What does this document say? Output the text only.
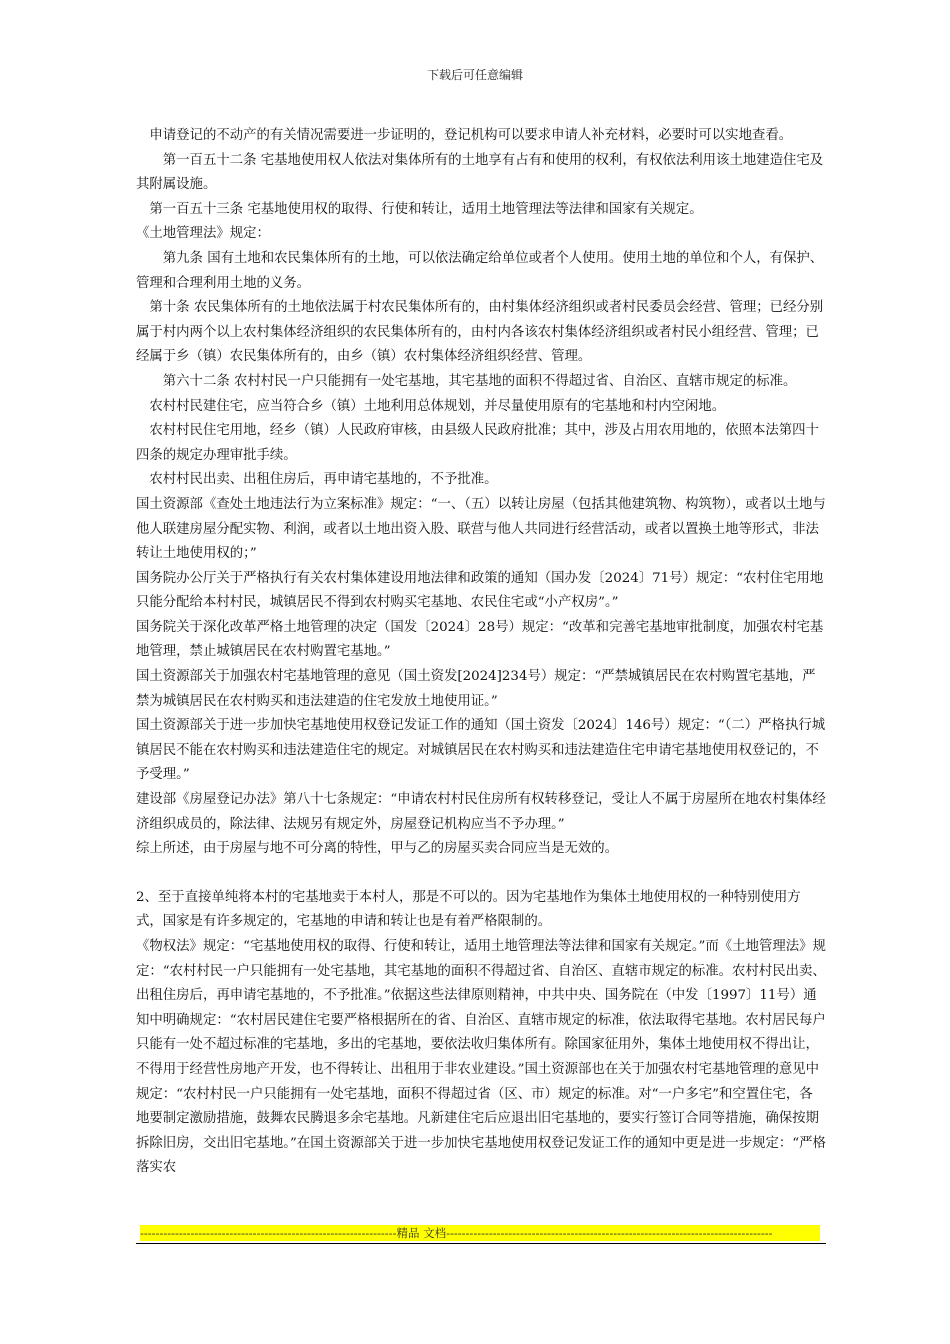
下载后可任意编辑

　申请登记的不动产的有关情况需要进一步证明的，登记机构可以要求申请人补充材料，必要时可以实地查看。

　　第一百五十二条 宅基地使用权人依法对集体所有的土地享有占有和使用的权利，有权依法利用该土地建造住宅及其附属设施。

　第一百五十三条 宅基地使用权的取得、行使和转让，适用土地管理法等法律和国家有关规定。

《土地管理法》规定：

　　第九条 国有土地和农民集体所有的土地，可以依法确定给单位或者个人使用。使用土地的单位和个人，有保护、管理和合理利用土地的义务。

　第十条 农民集体所有的土地依法属于村农民集体所有的，由村集体经济组织或者村民委员会经营、管理；已经分别属于村内两个以上农村集体经济组织的农民集体所有的，由村内各该农村集体经济组织或者村民小组经营、管理；已经属于乡（镇）农民集体所有的，由乡（镇）农村集体经济组织经营、管理。

　　第六十二条 农村村民一户只能拥有一处宅基地，其宅基地的面积不得超过省、自治区、直辖市规定的标准。

　农村村民建住宅，应当符合乡（镇）土地利用总体规划，并尽量使用原有的宅基地和村内空闲地。

　农村村民住宅用地，经乡（镇）人民政府审核，由县级人民政府批准；其中，涉及占用农用地的，依照本法第四十四条的规定办理审批手续。

　农村村民出卖、出租住房后，再申请宅基地的，不予批准。

国土资源部《查处土地违法行为立案标准》规定：“一、（五）以转让房屋（包括其他建筑物、构筑物），或者以土地与他人联建房屋分配实物、利润，或者以土地出资入股、联营与他人共同进行经营活动，或者以置换土地等形式，非法转让土地使用权的；”

国务院办公厅关于严格执行有关农村集体建设用地法律和政策的通知（国办发〔2024〕71号）规定：“农村住宅用地只能分配给本村村民，城镇居民不得到农村购买宅基地、农民住宅或“小产权房”。”

国务院关于深化改革严格土地管理的决定（国发〔2024〕28号）规定：“改革和完善宅基地审批制度，加强农村宅基地管理，禁止城镇居民在农村购置宅基地。”

国土资源部关于加强农村宅基地管理的意见（国土资发[2024]234号）规定：“严禁城镇居民在农村购置宅基地，严禁为城镇居民在农村购买和违法建造的住宅发放土地使用证。”

国土资源部关于进一步加快宅基地使用权登记发证工作的通知（国土资发〔2024〕146号）规定：“（二）严格执行城镇居民不能在农村购买和违法建造住宅的规定。对城镇居民在农村购买和违法建造住宅申请宅基地使用权登记的，不予受理。”

建设部《房屋登记办法》第八十七条规定：“申请农村村民住房所有权转移登记，受让人不属于房屋所在地农村集体经济组织成员的，除法律、法规另有规定外，房屋登记机构应当不予办理。”

综上所述，由于房屋与地不可分离的特性，甲与乙的房屋买卖合同应当是无效的。

2、至于直接单纯将本村的宅基地卖于本村人，那是不可以的。因为宅基地作为集体土地使用权的一种特别使用方式，国家是有许多规定的，宅基地的申请和转让也是有着严格限制的。

《物权法》规定：“宅基地使用权的取得、行使和转让，适用土地管理法等法律和国家有关规定。”而《土地管理法》规定：“农村村民一户只能拥有一处宅基地，其宅基地的面积不得超过省、自治区、直辖市规定的标准。农村村民出卖、出租住房后，再申请宅基地的，不予批准。”依据这些法律原则精神，中共中央、国务院在（中发〔1997〕11号）通知中明确规定：“农村居民建住宅要严格根据所在的省、自治区、直辖市规定的标准，依法取得宅基地。农村居民每户只能有一处不超过标准的宅基地，多出的宅基地，要依法收归集体所有。除国家征用外，集体土地使用权不得出让，不得用于经营性房地产开发，也不得转让、出租用于非农业建设。”国土资源部也在关于加强农村宅基地管理的意见中规定：“农村村民一户只能拥有一处宅基地，面积不得超过省（区、市）规定的标准。对“一户多宅”和空置住宅，各地要制定激励措施，鼓舞农民腾退多余宅基地。凡新建住宅后应退出旧宅基地的，要实行签订合同等措施，确保按期拆除旧房，交出旧宅基地。”在国土资源部关于进一步加快宅基地使用权登记发证工作的通知中更是进一步规定：“严格落实农

------------------------------------------------------------------精品 文档------------------------------------------------------------------------------------
